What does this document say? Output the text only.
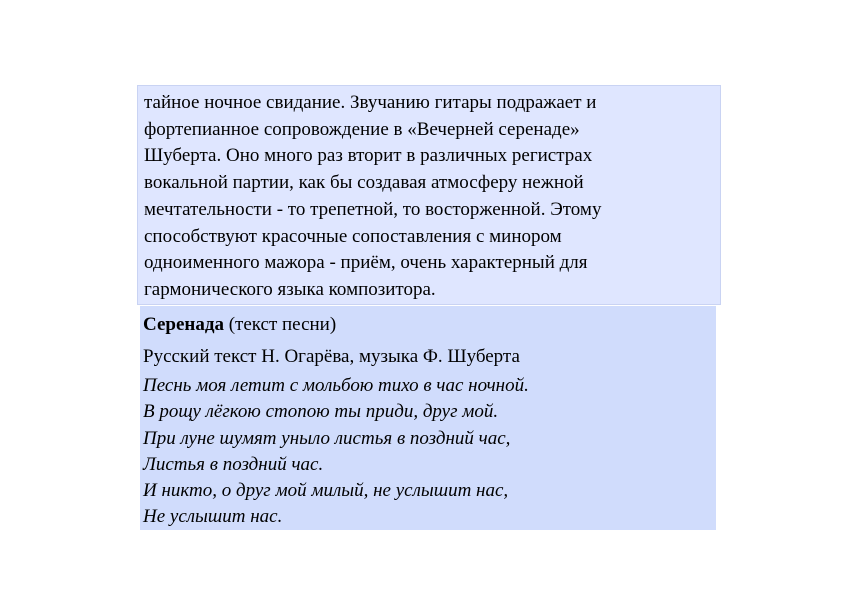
тайное ночное свидание. Звучанию гитары подражает и
фортепианное сопровождение в «Вечерней серенаде»
Шуберта. Оно много раз вторит в различных регистрах
вокальной партии, как бы создавая атмосферу нежной
мечтательности - то трепетной, то восторженной. Этому
способствуют красочные сопоставления с минором
одноименного мажора - приём, очень характерный для
гармонического языка композитора.
Серенада (текст песни)
Русский текст Н. Огарёва, музыка Ф. Шуберта
Песнь моя летит с мольбою тихо в час ночной.
В рощу лёгкою стопою ты приди, друг мой.
При луне шумят уныло листья в поздний час,
Листья в поздний час.
И никто, о друг мой милый, не услышит нас,
Не услышит нас.
